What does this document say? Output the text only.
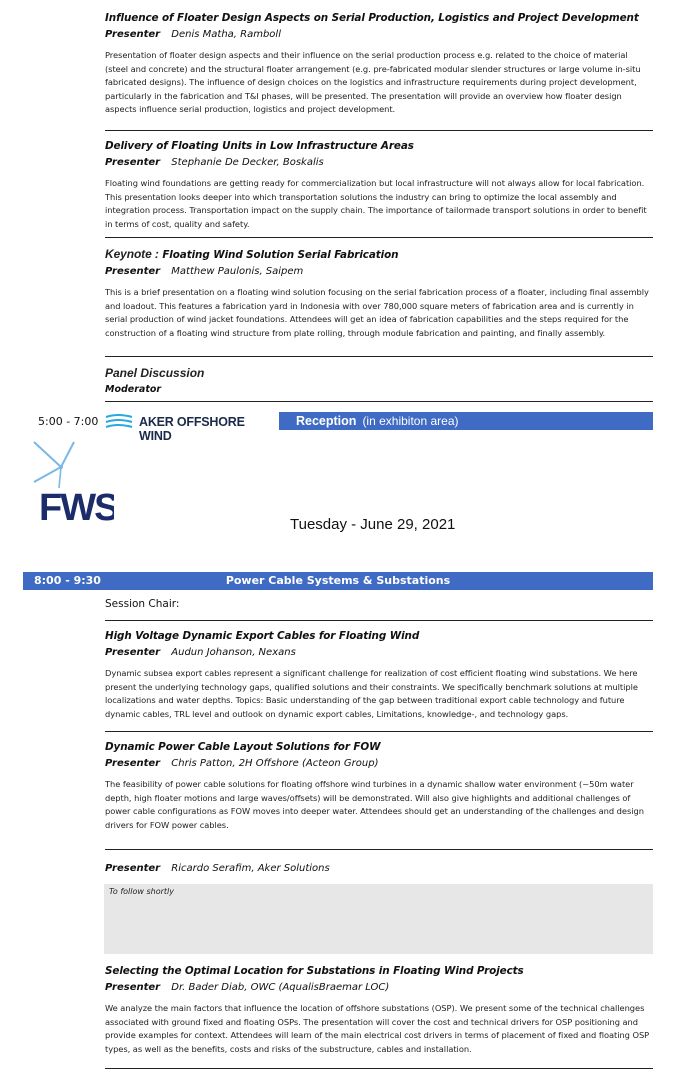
Influence of Floater Design Aspects on Serial Production, Logistics and Project Development
Presenter Denis Matha, Ramboll
Presentation of floater design aspects and their influence on the serial production process e.g. related to the choice of material (steel and concrete) and the structural floater arrangement (e.g. pre-fabricated modular slender structures or large volume in-situ fabricated designs). The influence of design choices on the logistics and infrastructure requirements during project development, particularly in the fabrication and T&I phases, will be presented. The presentation will provide an overview how floater design aspects influence serial production, logistics and project development.
Delivery of Floating Units in Low Infrastructure Areas
Presenter Stephanie De Decker, Boskalis
Floating wind foundations are getting ready for commercialization but local infrastructure will not always allow for local fabrication. This presentation looks deeper into which transportation solutions the industry can bring to optimize the local assembly and integration process. Transportation impact on the supply chain. The importance of tailormade transport solutions in order to benefit in terms of cost, quality and safety.
Keynote : Floating Wind Solution Serial Fabrication
Presenter Matthew Paulonis, Saipem
This is a brief presentation on a floating wind solution focusing on the serial fabrication process of a floater, including final assembly and loadout. This features a fabrication yard in Indonesia with over 780,000 square meters of fabrication area and is currently in serial production of wind jacket foundations. Attendees will get an idea of fabrication capabilities and the steps required for the construction of a floating wind structure from plate rolling, through module fabrication and painting, and finally assembly.
Panel Discussion
Moderator
5:00 - 7:00	AKER OFFSHORE WIND
Reception (in exhibiton area)
FWS	Tuesday - June 29, 2021
Power Cable Systems & Substations
8:00 - 9:30
Session Chair:
High Voltage Dynamic Export Cables for Floating Wind
Presenter Audun Johanson, Nexans
Dynamic subsea export cables represent a significant challenge for realization of cost efficient floating wind substations. We here present the underlying technology gaps, qualified solutions and their constraints. We specifically benchmark solutions at multiple localizations and water depths. Topics: Basic understanding of the gap between traditional export cable technology and future dynamic cables, TRL level and outlook on dynamic export cables, Limitations, knowledge-, and technology gaps.
Dynamic Power Cable Layout Solutions for FOW
Presenter Chris Patton, 2H Offshore (Acteon Group)
The feasibility of power cable solutions for floating offshore wind turbines in a dynamic shallow water environment (~50m water depth, high floater motions and large waves/offsets) will be demonstrated. Will also give highlights and additional challenges of power cable configurations as FOW moves into deeper water. Attendees should get an understanding of the challenges and design drivers for FOW power cables.
Presenter Ricardo Serafim, Aker Solutions
To follow shortly
Selecting the Optimal Location for Substations in Floating Wind Projects
Presenter Dr. Bader Diab, OWC (AqualisBraemar LOC)
We analyze the main factors that influence the location of offshore substations (OSP). We present some of the technical challenges associated with ground fixed and floating OSPs. The presentation will cover the cost and technical drivers for OSP positioning and provide examples for context. Attendees will learn of the main electrical cost drivers in terms of placement of fixed and floating OSP types, as well as the benefits, costs and risks of the substructure, cables and installation.
